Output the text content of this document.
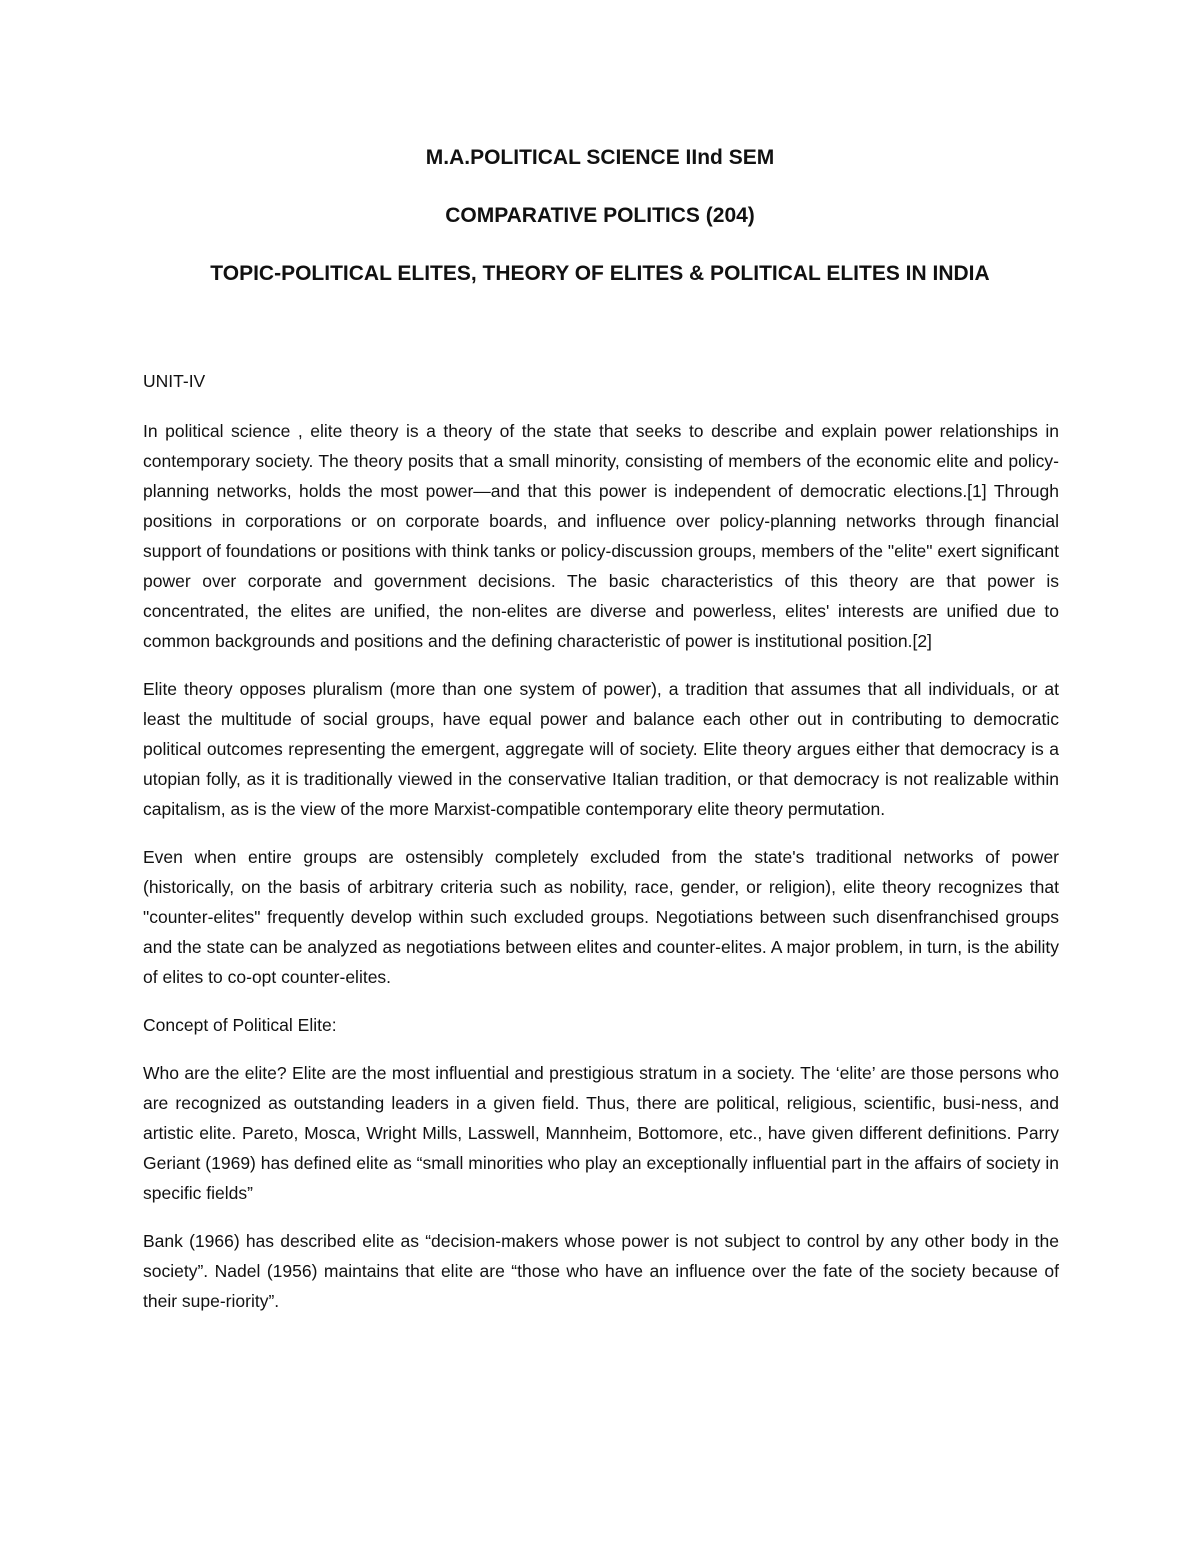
M.A.POLITICAL SCIENCE IInd SEM

COMPARATIVE POLITICS (204)

TOPIC-POLITICAL ELITES, THEORY OF ELITES & POLITICAL ELITES IN INDIA

UNIT-IV

In political science , elite theory is a theory of the state that seeks to describe and explain power relationships in contemporary society. The theory posits that a small minority, consisting of members of the economic elite and policy-planning networks, holds the most power—and that this power is independent of democratic elections.[1] Through positions in corporations or on corporate boards, and influence over policy-planning networks through financial support of foundations or positions with think tanks or policy-discussion groups, members of the "elite" exert significant power over corporate and government decisions. The basic characteristics of this theory are that power is concentrated, the elites are unified, the non-elites are diverse and powerless, elites' interests are unified due to common backgrounds and positions and the defining characteristic of power is institutional position.[2]

Elite theory opposes pluralism (more than one system of power), a tradition that assumes that all individuals, or at least the multitude of social groups, have equal power and balance each other out in contributing to democratic political outcomes representing the emergent, aggregate will of society. Elite theory argues either that democracy is a utopian folly, as it is traditionally viewed in the conservative Italian tradition, or that democracy is not realizable within capitalism, as is the view of the more Marxist-compatible contemporary elite theory permutation.

Even when entire groups are ostensibly completely excluded from the state's traditional networks of power (historically, on the basis of arbitrary criteria such as nobility, race, gender, or religion), elite theory recognizes that "counter-elites" frequently develop within such excluded groups. Negotiations between such disenfranchised groups and the state can be analyzed as negotiations between elites and counter-elites. A major problem, in turn, is the ability of elites to co-opt counter-elites.

Concept of Political Elite:

Who are the elite? Elite are the most influential and prestigious stratum in a society. The ‘elite’ are those persons who are recognized as outstanding leaders in a given field. Thus, there are political, religious, scientific, busi-ness, and artistic elite. Pareto, Mosca, Wright Mills, Lasswell, Mannheim, Bottomore, etc., have given different definitions. Parry Geriant (1969) has defined elite as “small minorities who play an exceptionally influential part in the affairs of society in specific fields”

Bank (1966) has described elite as “decision-makers whose power is not subject to control by any other body in the society”. Nadel (1956) maintains that elite are “those who have an influence over the fate of the society because of their supe-riority”.
